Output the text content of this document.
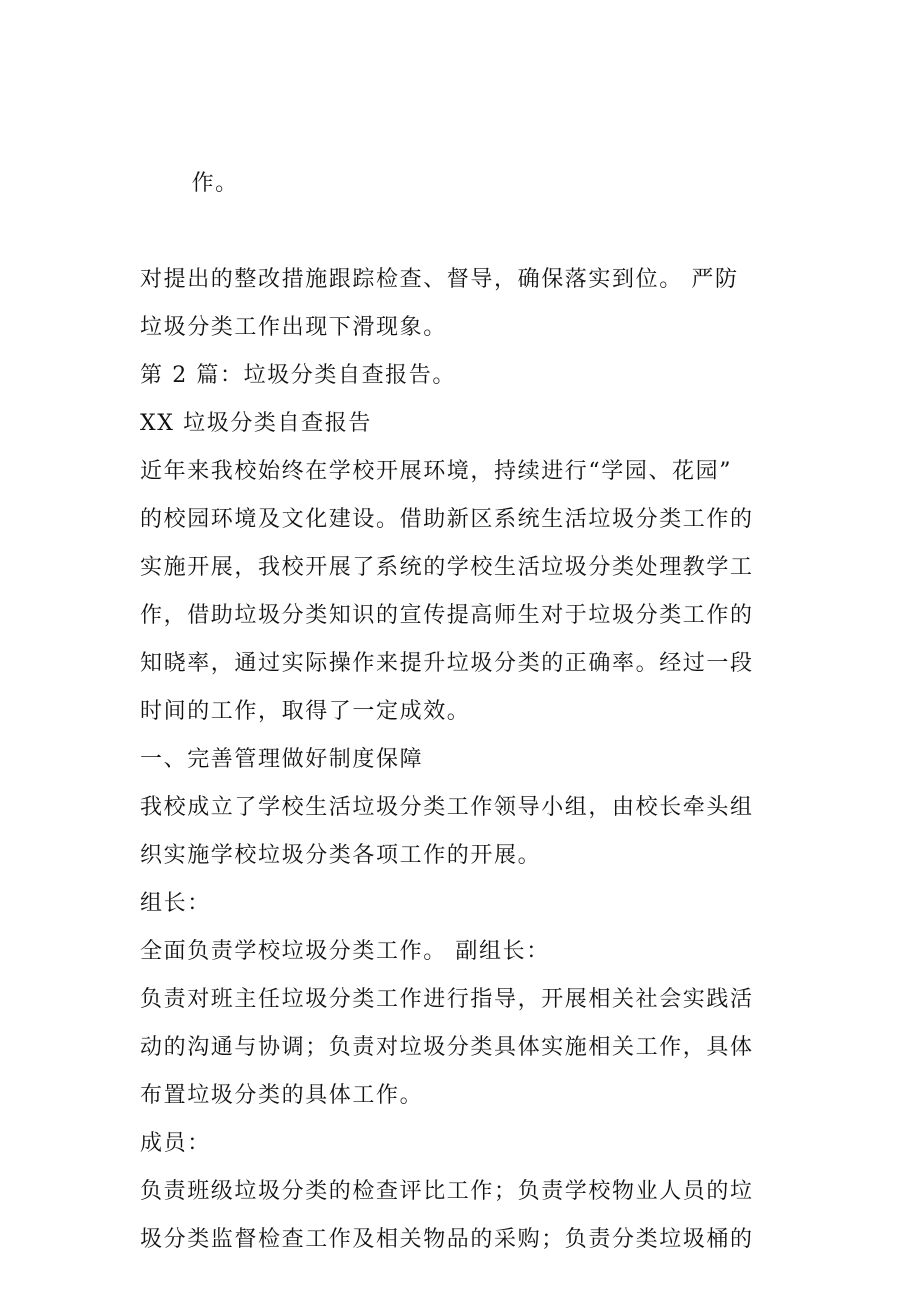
作。

对提出的整改措施跟踪检查、督导，确保落实到位。 严防
垃圾分类工作出现下滑现象。

第 2 篇：垃圾分类自查报告。

XX 垃圾分类自查报告

近年来我校始终在学校开展环境，持续进行“学园、花园”
的校园环境及文化建设。借助新区系统生活垃圾分类工作的
实施开展，我校开展了系统的学校生活垃圾分类处理教学工
作，借助垃圾分类知识的宣传提高师生对于垃圾分类工作的
知晓率，通过实际操作来提升垃圾分类的正确率。经过一段
时间的工作，取得了一定成效。

一、完善管理做好制度保障

我校成立了学校生活垃圾分类工作领导小组，由校长牵头组
织实施学校垃圾分类各项工作的开展。

组长：

全面负责学校垃圾分类工作。 副组长：

负责对班主任垃圾分类工作进行指导，开展相关社会实践活
动的沟通与协调；负责对垃圾分类具体实施相关工作，具体
布置垃圾分类的具体工作。

成员：

负责班级垃圾分类的检查评比工作；负责学校物业人员的垃
圾分类监督检查工作及相关物品的采购；负责分类垃圾桶的
